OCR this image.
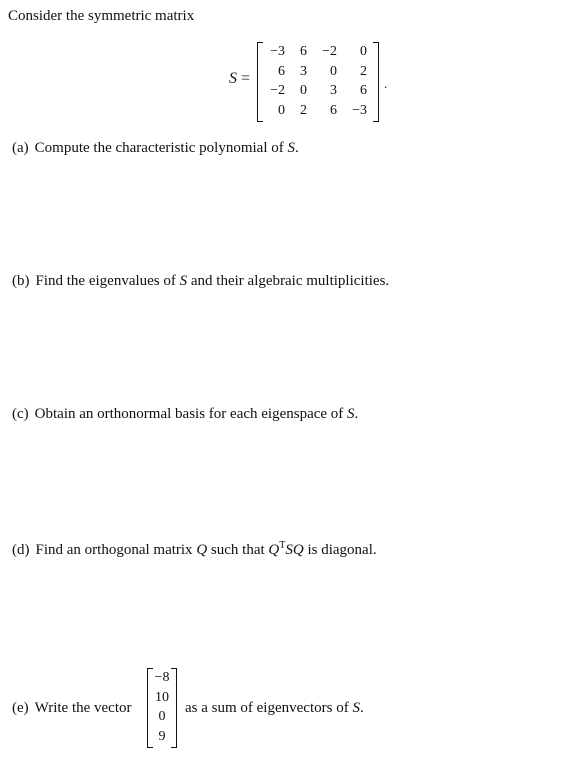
Consider the symmetric matrix
S =
−3	6	−2	0
6	3	0	2
−2	0	3	6
0	2	6	−3
.
(a) Compute the characteristic polynomial of S.
(b) Find the eigenvalues of S and their algebraic multiplicities.
(c) Obtain an orthonormal basis for each eigenspace of S.
(d) Find an orthogonal matrix Q such that $Q^TSQ$ is diagonal.
(e) Write the vector
−8
10
0
9
as a sum of eigenvectors of S.
